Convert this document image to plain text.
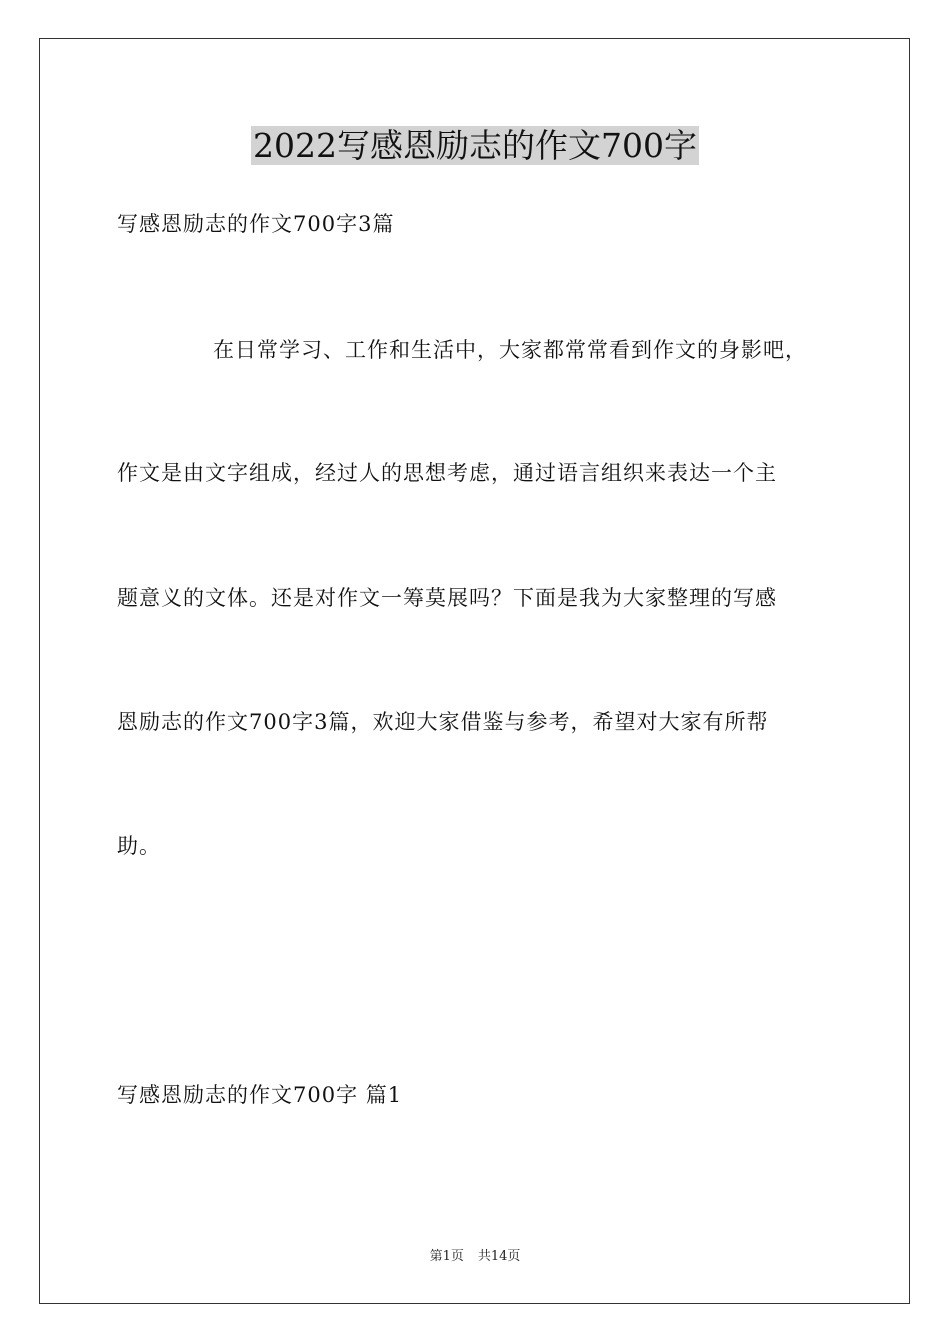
2022写感恩励志的作文700字
写感恩励志的作文700字3篇
在日常学习、工作和生活中，大家都常常看到作文的身影吧，
作文是由文字组成，经过人的思想考虑，通过语言组织来表达一个主
题意义的文体。还是对作文一筹莫展吗？下面是我为大家整理的写感
恩励志的作文700字3篇，欢迎大家借鉴与参考，希望对大家有所帮
助。
写感恩励志的作文700字 篇1
第1页 共14页
